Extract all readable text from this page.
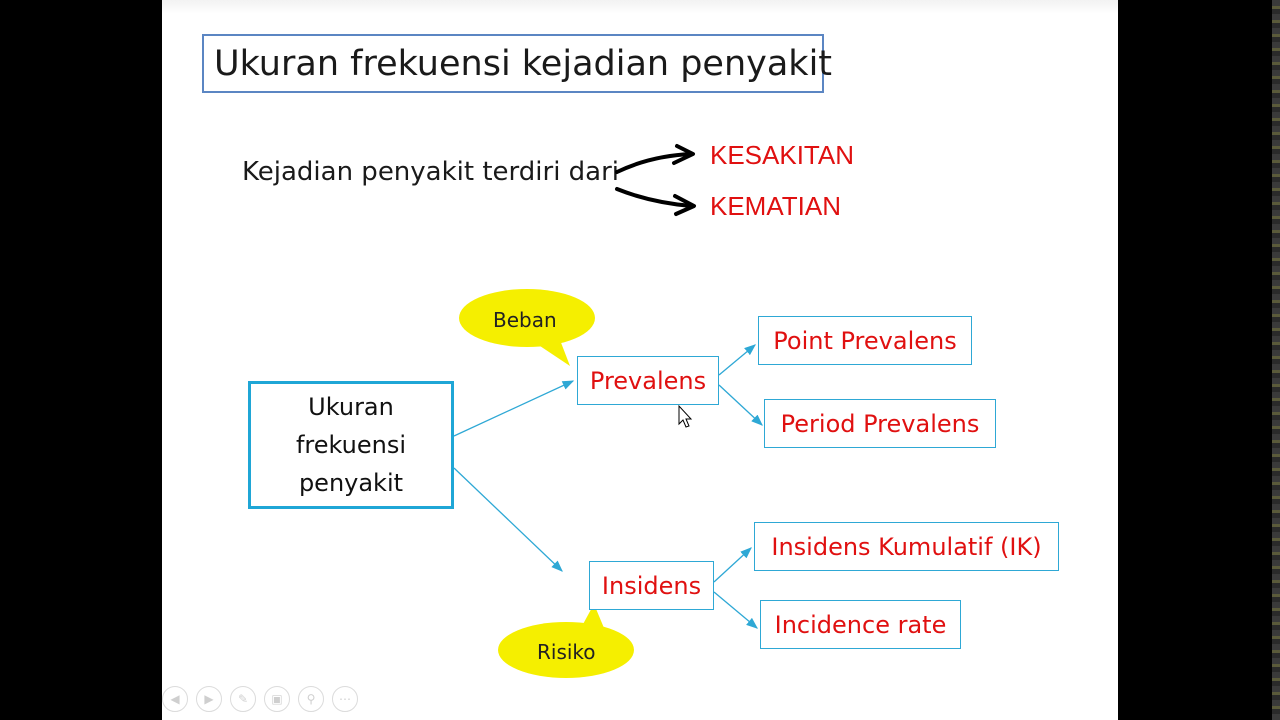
Ukuran frekuensi kejadian penyakit
Kejadian penyakit terdiri dari
KESAKITAN
KEMATIAN
Ukuran
frekuensi
penyakit
Prevalens
Insidens
Point Prevalens
Period Prevalens
Insidens Kumulatif (IK)
Incidence rate
Beban
Risiko
◀ ▶ ✎ ▣ ⚲ ⋯
